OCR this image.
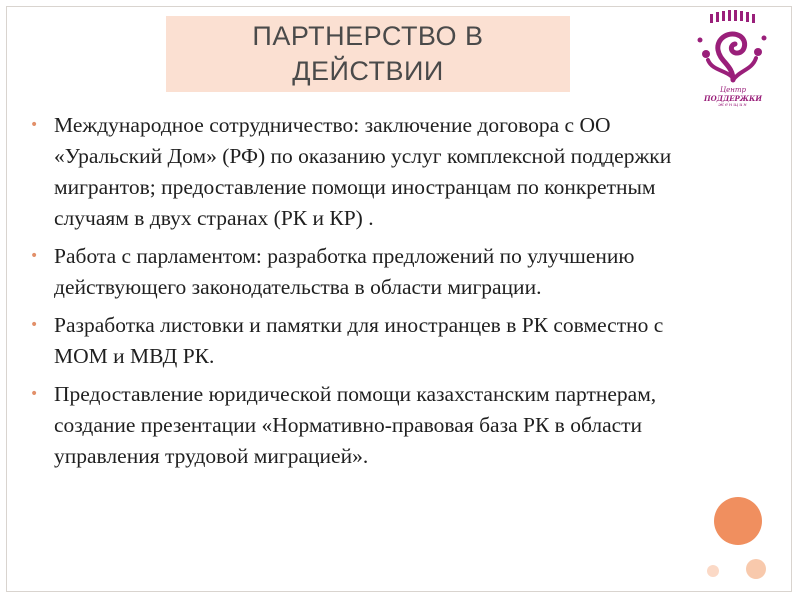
ПАРТНЕРСТВО В ДЕЙСТВИИ
Центр
ПОДДЕРЖКИ
женщин
• Международное сотрудничество: заключение договора с ОО «Уральский Дом» (РФ) по оказанию услуг комплексной поддержки мигрантов; предоставление помощи иностранцам по конкретным случаям в двух странах (РК и КР) .
• Работа с парламентом: разработка предложений по улучшению действующего законодательства в области миграции.
• Разработка листовки и памятки для иностранцев в РК совместно с МОМ и МВД РК.
• Предоставление юридической помощи казахстанским партнерам, создание презентации «Нормативно-правовая база РК в области управления трудовой миграцией».
